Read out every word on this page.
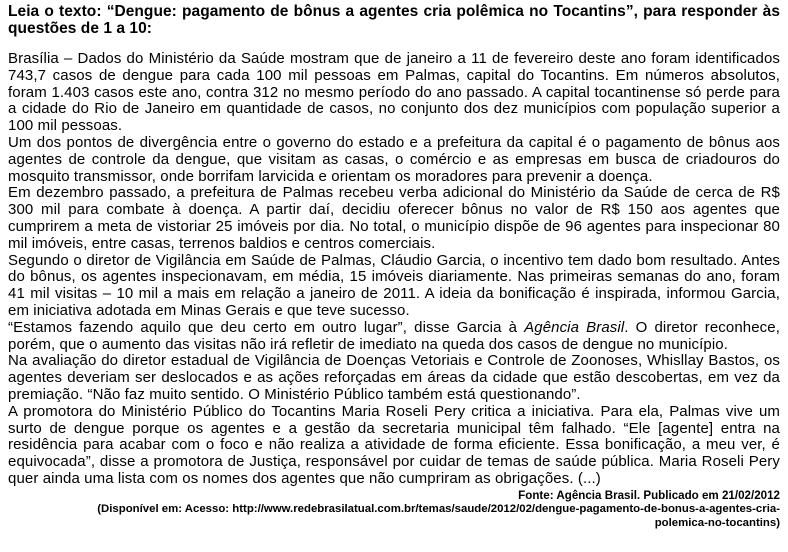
Leia o texto: “Dengue: pagamento de bônus a agentes cria polêmica no Tocantins”, para responder às questões de 1 a 10:

Brasília – Dados do Ministério da Saúde mostram que de janeiro a 11 de fevereiro deste ano foram identificados 743,7 casos de dengue para cada 100 mil pessoas em Palmas, capital do Tocantins. Em números absolutos, foram 1.403 casos este ano, contra 312 no mesmo período do ano passado. A capital tocantinense só perde para a cidade do Rio de Janeiro em quantidade de casos, no conjunto dos dez municípios com população superior a 100 mil pessoas.

Um dos pontos de divergência entre o governo do estado e a prefeitura da capital é o pagamento de bônus aos agentes de controle da dengue, que visitam as casas, o comércio e as empresas em busca de criadouros do mosquito transmissor, onde borrifam larvicida e orientam os moradores para prevenir a doença.

Em dezembro passado, a prefeitura de Palmas recebeu verba adicional do Ministério da Saúde de cerca de R$ 300 mil para combate à doença. A partir daí, decidiu oferecer bônus no valor de R$ 150 aos agentes que cumprirem a meta de vistoriar 25 imóveis por dia. No total, o município dispõe de 96 agentes para inspecionar 80 mil imóveis, entre casas, terrenos baldios e centros comerciais.

Segundo o diretor de Vigilância em Saúde de Palmas, Cláudio Garcia, o incentivo tem dado bom resultado. Antes do bônus, os agentes inspecionavam, em média, 15 imóveis diariamente. Nas primeiras semanas do ano, foram 41 mil visitas – 10 mil a mais em relação a janeiro de 2011. A ideia da bonificação é inspirada, informou Garcia, em iniciativa adotada em Minas Gerais e que teve sucesso.

“Estamos fazendo aquilo que deu certo em outro lugar”, disse Garcia à Agência Brasil. O diretor reconhece, porém, que o aumento das visitas não irá refletir de imediato na queda dos casos de dengue no município.

Na avaliação do diretor estadual de Vigilância de Doenças Vetoriais e Controle de Zoonoses, Whisllay Bastos, os agentes deveriam ser deslocados e as ações reforçadas em áreas da cidade que estão descobertas, em vez da premiação. “Não faz muito sentido. O Ministério Público também está questionando”.

A promotora do Ministério Público do Tocantins Maria Roseli Pery critica a iniciativa. Para ela, Palmas vive um surto de dengue porque os agentes e a gestão da secretaria municipal têm falhado. “Ele [agente] entra na residência para acabar com o foco e não realiza a atividade de forma eficiente. Essa bonificação, a meu ver, é equivocada”, disse a promotora de Justiça, responsável por cuidar de temas de saúde pública. Maria Roseli Pery quer ainda uma lista com os nomes dos agentes que não cumpriram as obrigações. (...)

Fonte: Agência Brasil. Publicado em 21/02/2012

(Disponível em: Acesso: http://www.redebrasilatual.com.br/temas/saude/2012/02/dengue-pagamento-de-bonus-a-agentes-cria-
polemica-no-tocantins)
